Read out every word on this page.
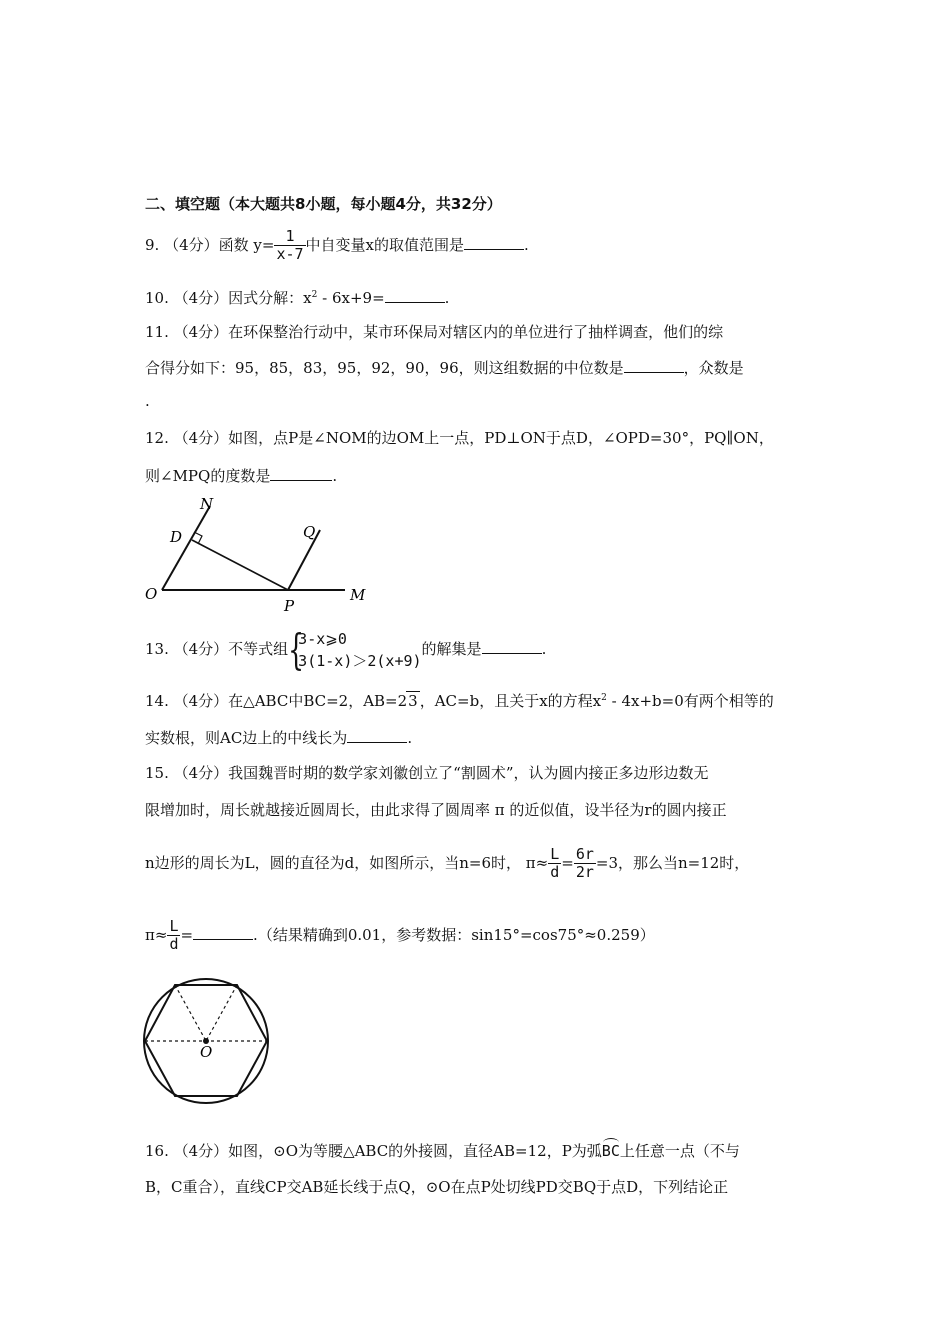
二、填空题（本大题共8小题，每小题4分，共32分）
9. （4分）函数 $y= \frac{1}{x-7}$ 中自变量x的取值范围是	.
10. （4分）因式分解：$x^2 - 6x+9=$	.
11. （4分）在环保整治行动中，某市环保局对辖区内的单位进行了抽样调查，他们的综
合得分如下：95，85，83，95，92，90，96，则这组数据的中位数是	，众数是
.
12. （4分）如图，点P是∠NOM的边OM上一点，PD⊥ON于点D，∠OPD=30°，PQ∥ON，
则∠MPQ的度数是	.
N
D	Q
O
P
M
13. （4分）不等式组 {
3-x⩾0
3(1-x)＞2(x+9)
的解集是	.
14. （4分）在△ABC中BC=2，AB=23 ，AC=b，且关于x的方程$x^2 - 4x+b=0$有两个相等的
实数根，则AC边上的中线长为	.
15. （4分）我国魏晋时期的数学家刘徽创立了“割圆术”，认为圆内接正多边形边数无
限增加时，周长就越接近圆周长，由此求得了圆周率 π 的近似值，设半径为r的圆内接正
n边形的周长为L，圆的直径为d，如图所示，当n=6时， $\pi\approx \frac{L}{d} = \frac{6r}{2r} =3$，那么当n=12时，
$\pi\approx \frac{L}{d}$ =	.（结果精确到0.01，参考数据：sin15°=cos75°≈0.259）
O
16. （4分）如图，⊙O为等腰△ABC的外接圆，直径AB=12，P为弧BC上任意一点（不与
B，C重合），直线CP交AB延长线于点Q，⊙O在点P处切线PD交BQ于点D，下列结论正
